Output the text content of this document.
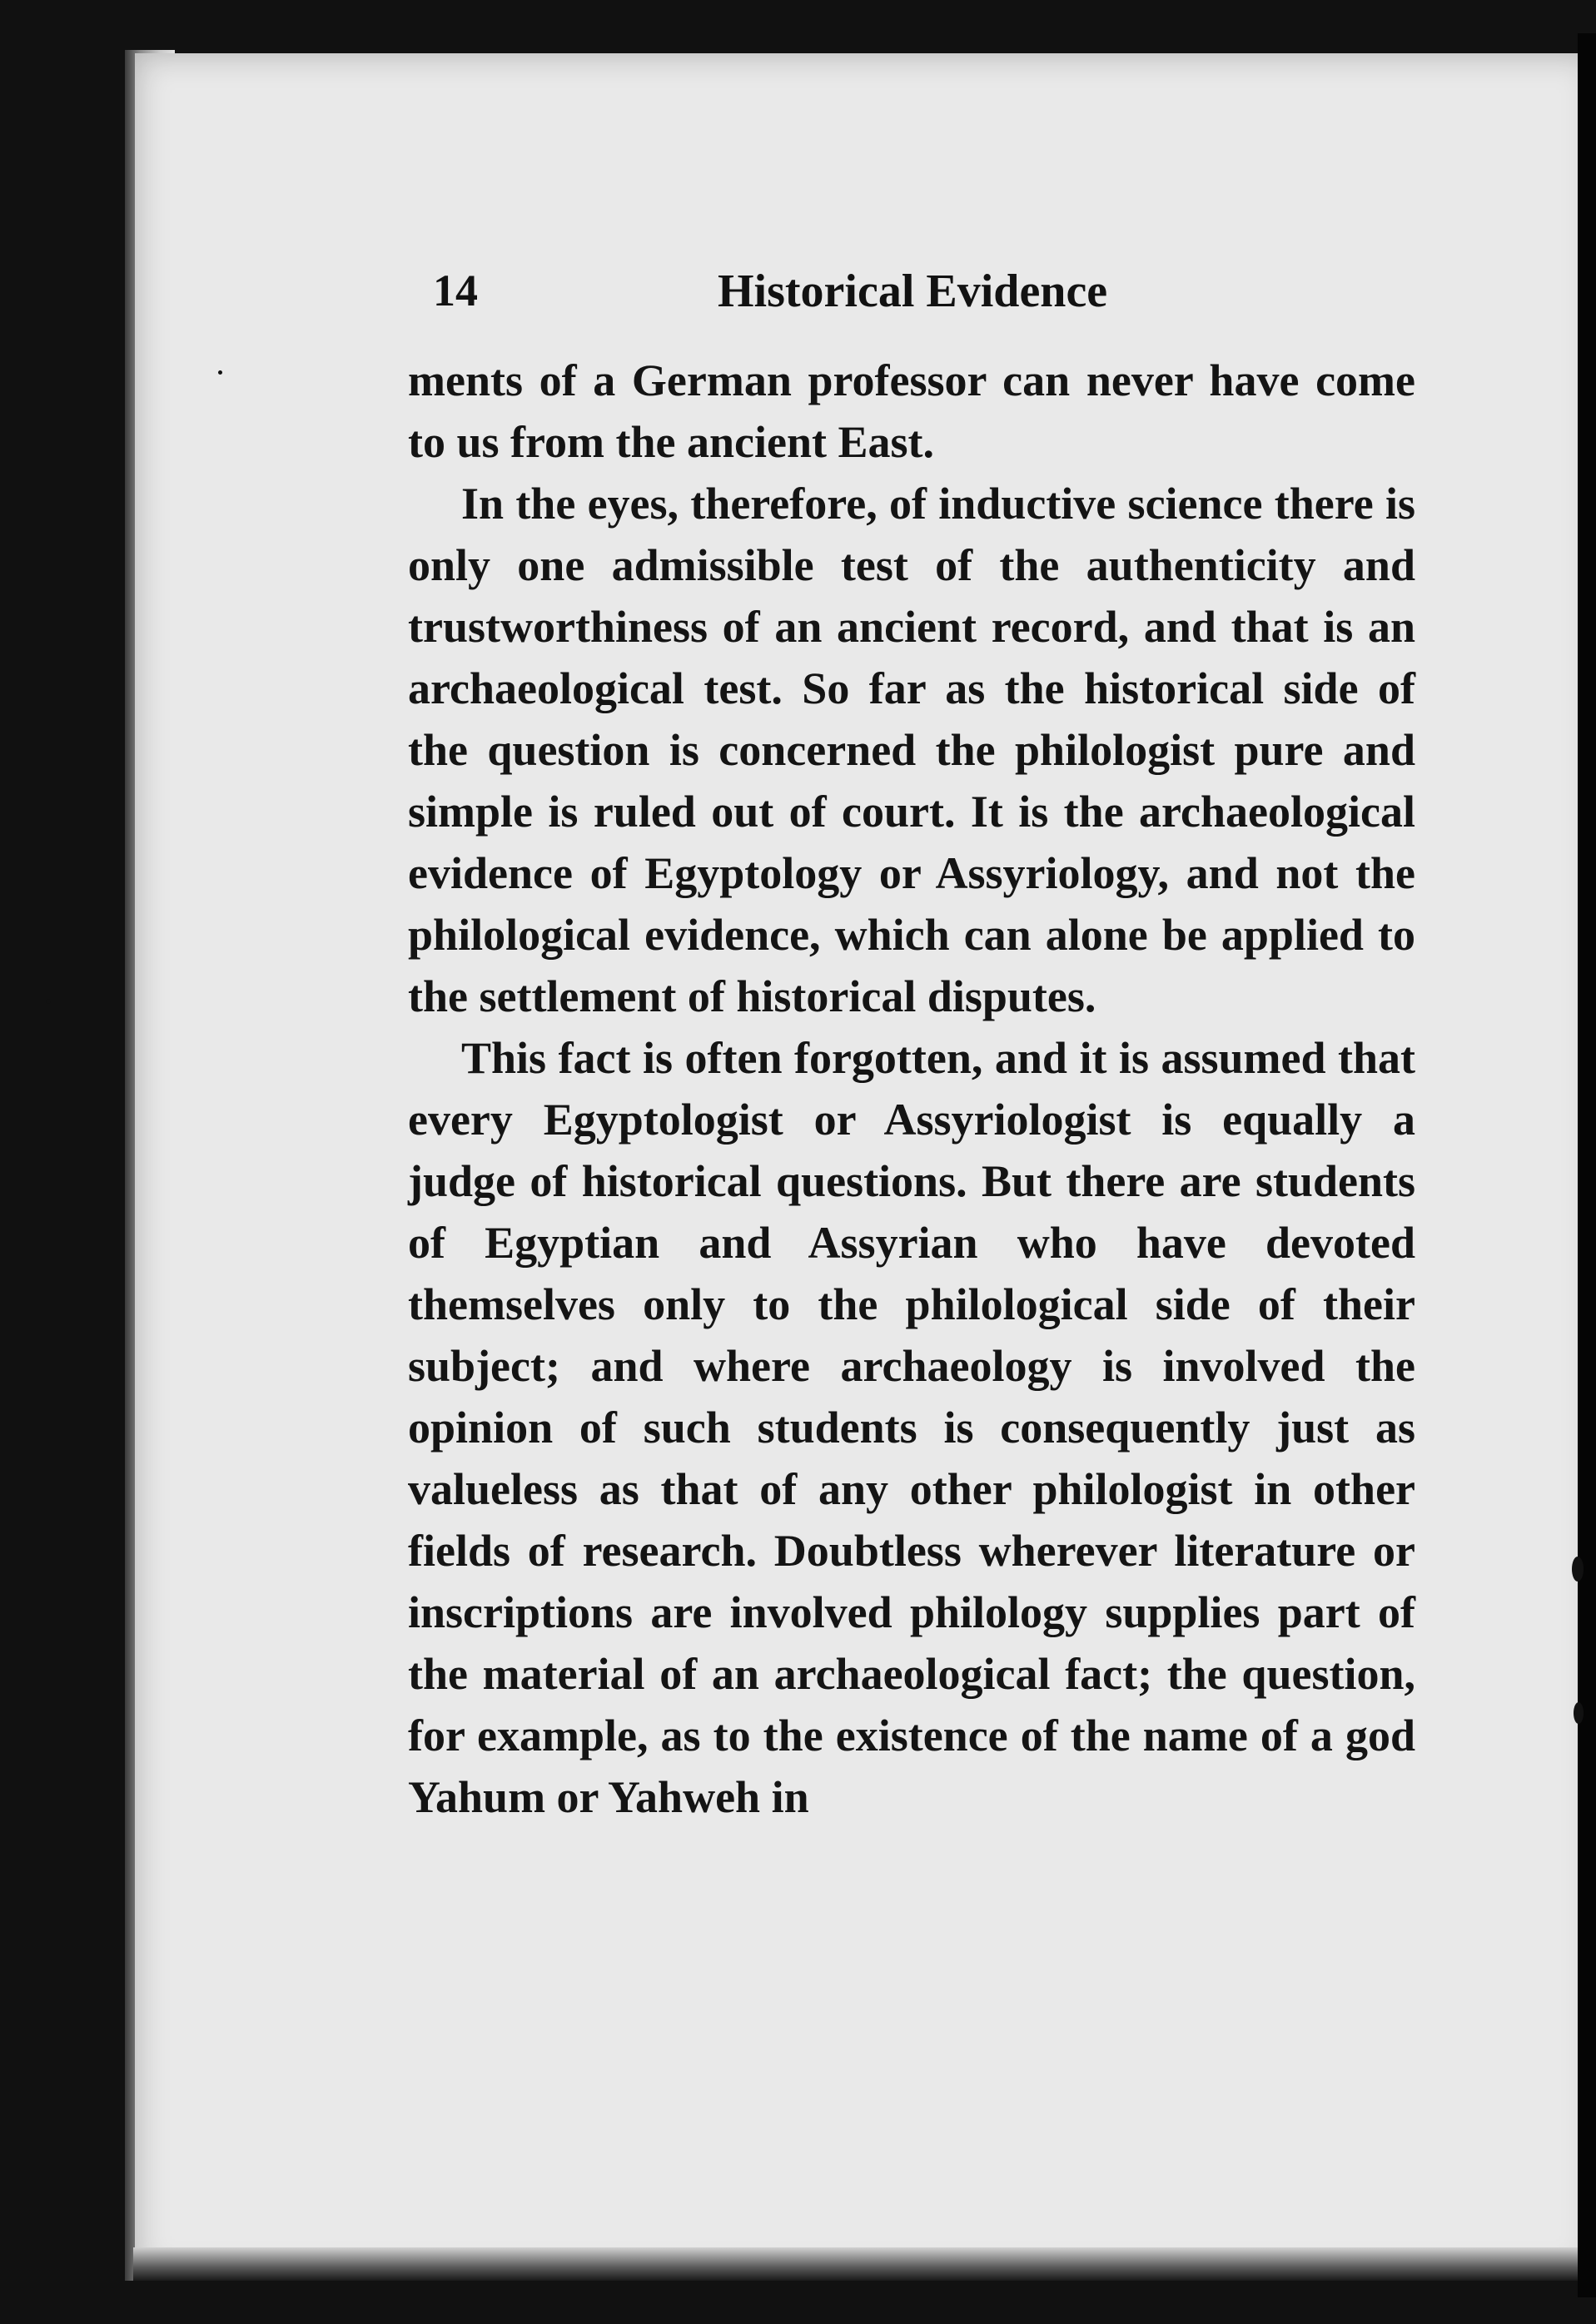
14	Historical Evidence

ments of a German professor can never have come to us from the ancient East.

In the eyes, therefore, of inductive science there is only one admissible test of the authenticity and trustworthiness of an ancient record, and that is an archaeological test. So far as the historical side of the question is concerned the philologist pure and simple is ruled out of court. It is the archaeological evidence of Egyptology or Assyriology, and not the philological evidence, which can alone be applied to the settlement of historical disputes.

This fact is often forgotten, and it is assumed that every Egyptologist or Assyriologist is equally a judge of historical questions. But there are students of Egyptian and Assyrian who have devoted themselves only to the philological side of their subject; and where archaeology is involved the opinion of such students is consequently just as valueless as that of any other philologist in other fields of research. Doubtless wherever literature or inscriptions are involved philology supplies part of the material of an archaeological fact; the question, for example, as to the existence of the name of a god Yahum or Yahweh in
